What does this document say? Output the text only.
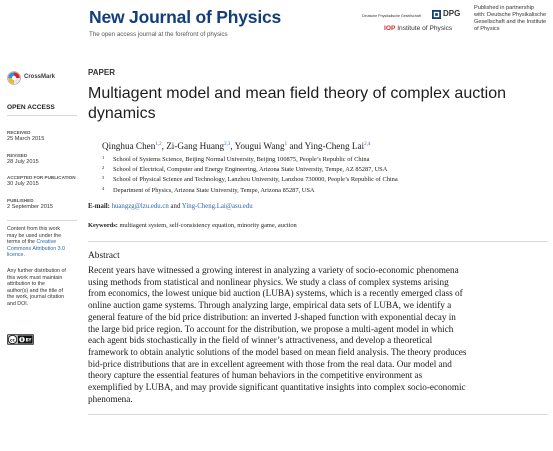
New Journal of Physics
The open access journal at the forefront of physics
Deutsche Physikalische Gesellschaft	DPG
IOP Institute of Physics
Published in partnership
with: Deutsche Physikalische
Gesellschaft and the Institute
of Physics
CrossMark
OPEN ACCESS
RECEIVED
25 March 2015
REVISED
28 July 2015
ACCEPTED FOR PUBLICATION
30 July 2015
PUBLISHED
2 September 2015
Content from this work
may be used under the
terms of the Creative
Commons Attribution 3.0
licence.
Any further distribution of
this work must maintain
attribution to the
author(s) and the title of
the work, journal citation
and DOI.
cc	BY
PAPER
Multiagent model and mean field theory of complex auction
dynamics
Qinghua Chen$^{1,2}$, Zi-Gang Huang$^{2,3}$, Yougui Wang$^1$ and Ying-Cheng Lai$^{2,4}$
1 School of Systems Science, Beijing Normal University, Beijing 100875, People’s Republic of China
2 School of Electrical, Computer and Energy Engineering, Arizona State University, Tempe, AZ 85287, USA
3 School of Physical Science and Technology, Lanzhou University, Lanzhou 730000, People’s Republic of China
4 Department of Physics, Arizona State University, Tempe, Arizona 85287, USA
E-mail: huangzg@lzu.edu.cn and Ying-Cheng.Lai@asu.edu
Keywords: multiagent system, self-consistency equation, minority game, auction
Abstract
Recent years have witnessed a growing interest in analyzing a variety of socio-economic phenomena
using methods from statistical and nonlinear physics. We study a class of complex systems arising
from economics, the lowest unique bid auction (LUBA) systems, which is a recently emerged class of
online auction game systems. Through analyzing large, empirical data sets of LUBA, we identify a
general feature of the bid price distribution: an inverted J-shaped function with exponential decay in
the large bid price region. To account for the distribution, we propose a multi-agent model in which
each agent bids stochastically in the field of winner’s attractiveness, and develop a theoretical
framework to obtain analytic solutions of the model based on mean field analysis. The theory produces
bid-price distributions that are in excellent agreement with those from the real data. Our model and
theory capture the essential features of human behaviors in the competitive environment as
exemplified by LUBA, and may provide significant quantitative insights into complex socio-economic
phenomena.
